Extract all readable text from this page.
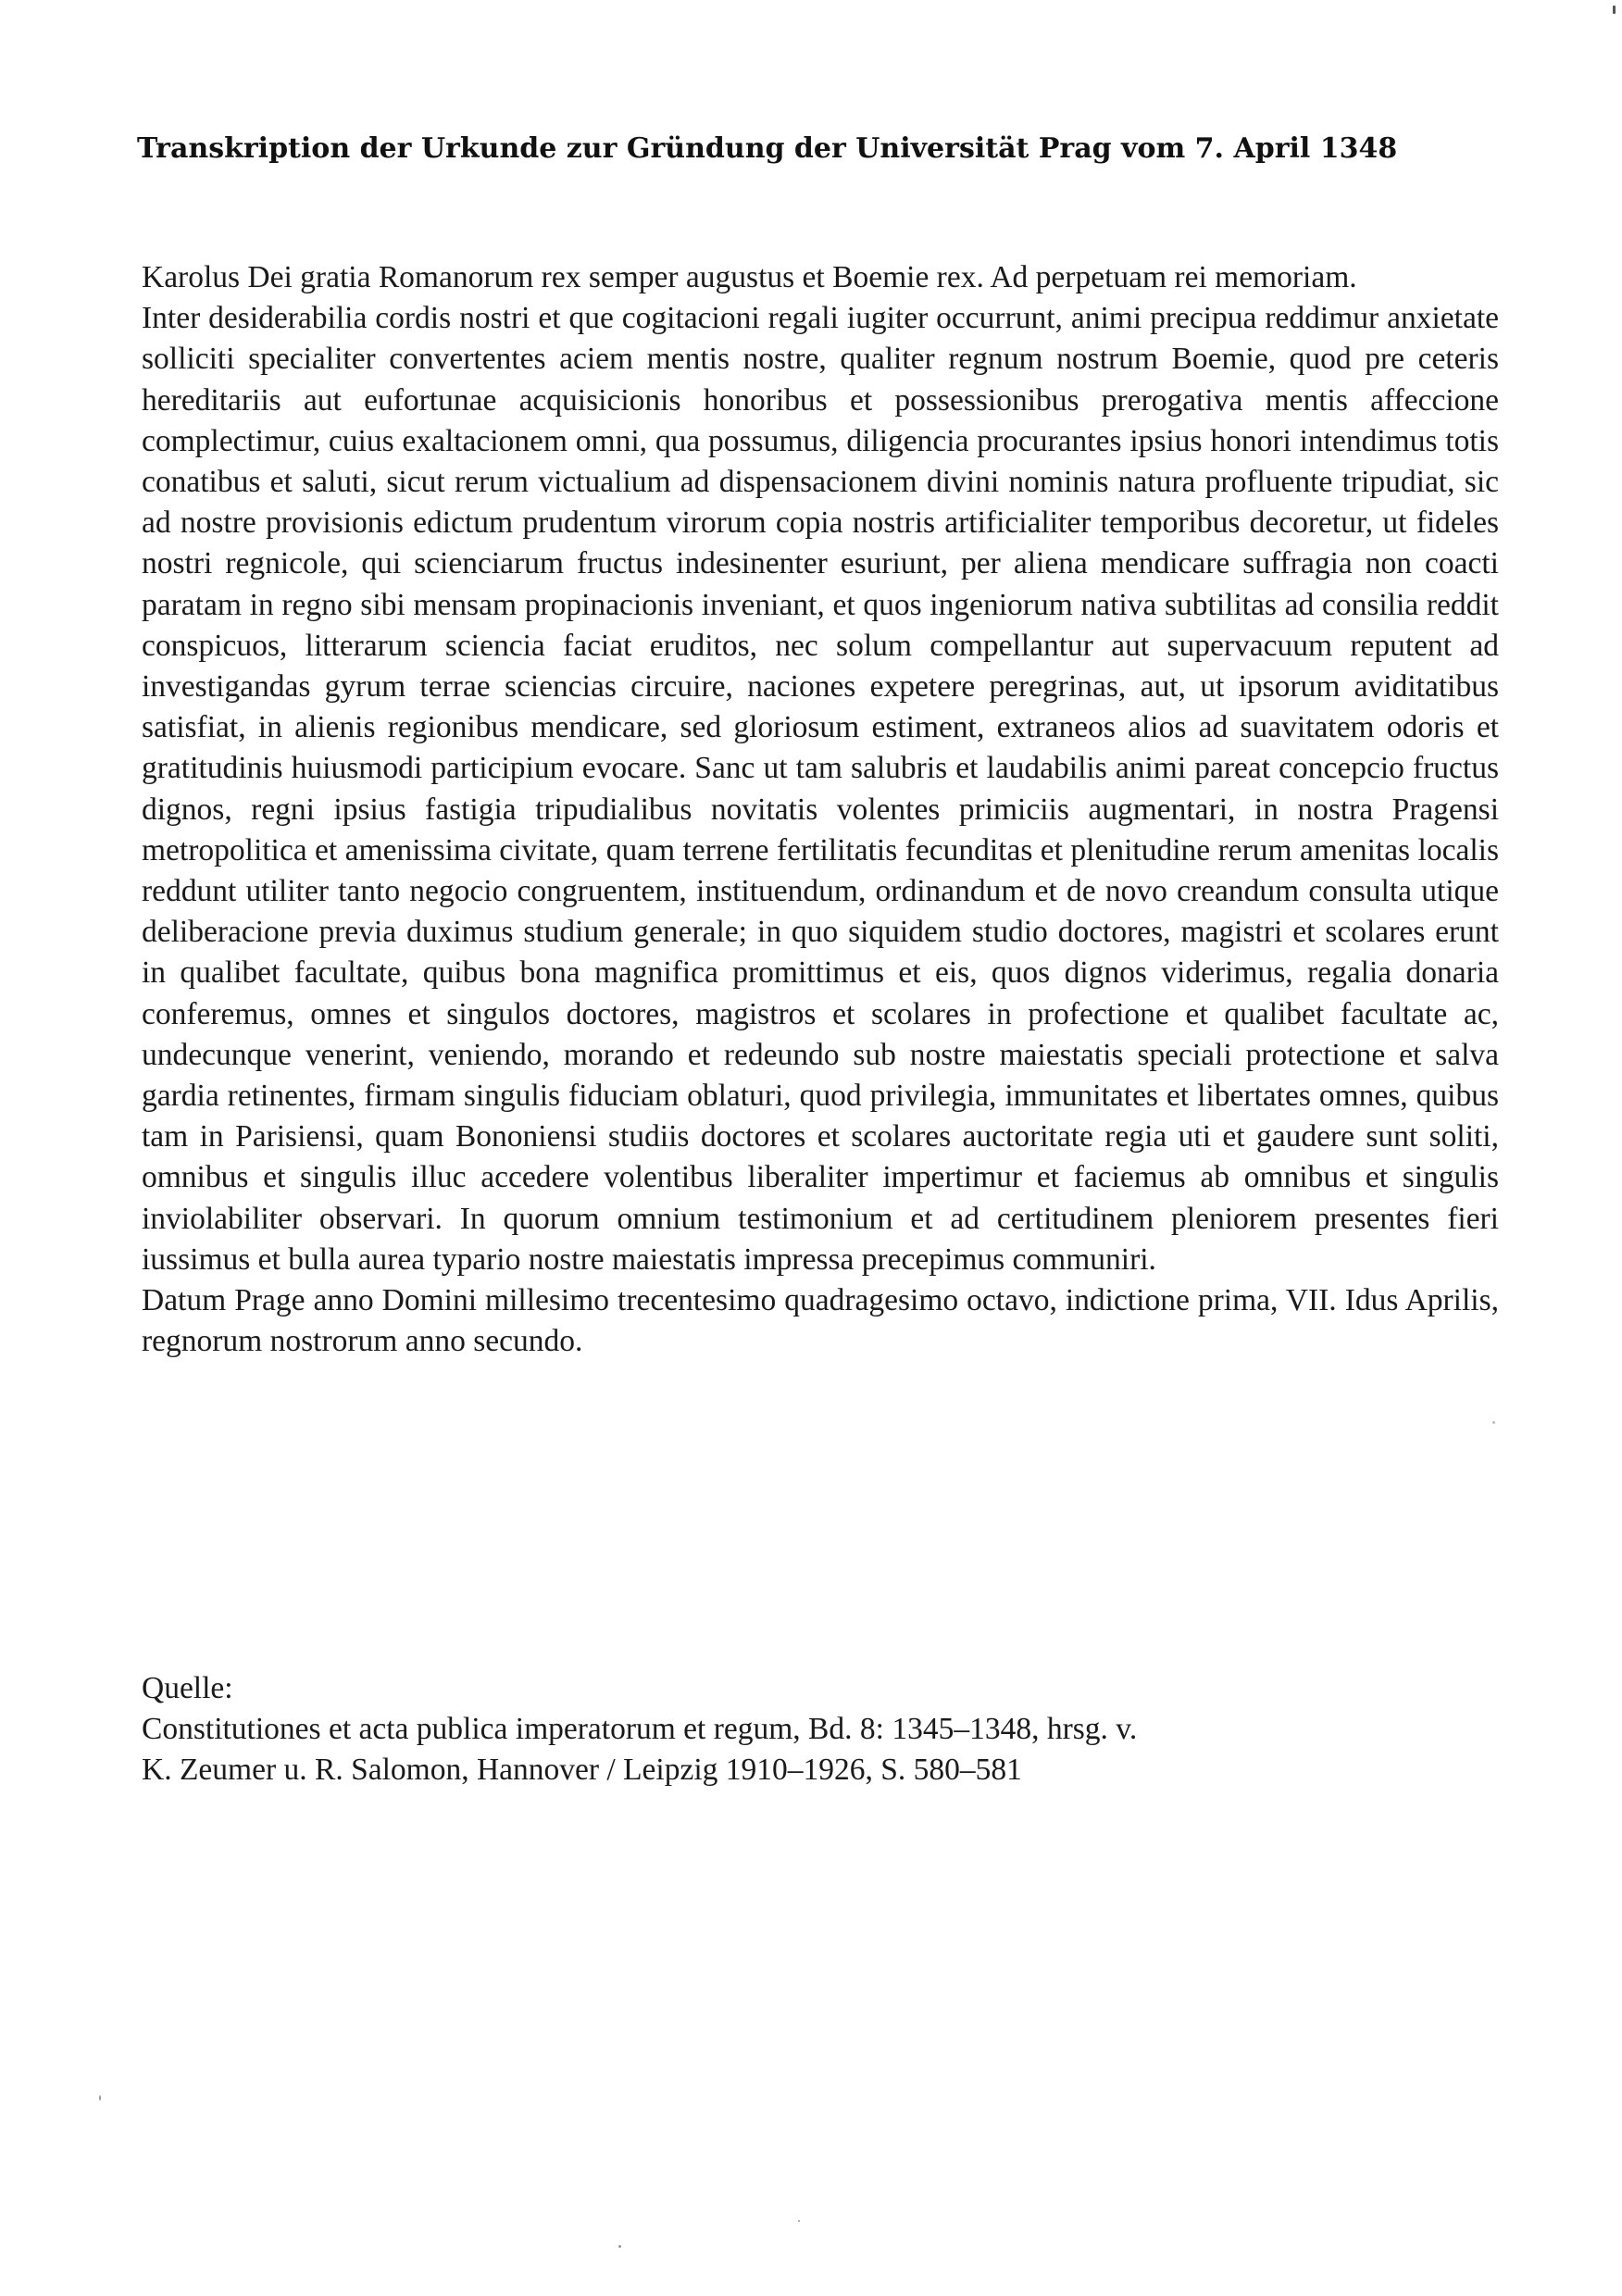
Transkription der Urkunde zur Gründung der Universität Prag vom 7. April 1348

Karolus Dei gratia Romanorum rex semper augustus et Boemie rex. Ad perpetuam rei memoriam.

Inter desiderabilia cordis nostri et que cogitacioni regali iugiter occurrunt, animi precipua reddimur anxietate solliciti specialiter convertentes aciem mentis nostre, qualiter regnum nostrum Boemie, quod pre ceteris hereditariis aut eufortunae acquisicionis honoribus et possessionibus prerogativa mentis affeccione complectimur, cuius exaltacionem omni, qua possumus, diligencia procurantes ipsius honori intendimus totis conatibus et saluti, sicut rerum victualium ad dispensacionem divini nominis natura profluente tripudiat, sic ad nostre provisionis edictum prudentum virorum copia nostris artificialiter temporibus decoretur, ut fideles nostri regnicole, qui scienciarum fructus indesinenter esuriunt, per aliena mendicare suffragia non coacti paratam in regno sibi mensam propinacionis inveniant, et quos ingeniorum nativa subtilitas ad consilia reddit conspicuos, litterarum sciencia faciat eruditos, nec solum compellantur aut supervacuum reputent ad investigandas gyrum terrae sciencias circuire, naciones expetere peregrinas, aut, ut ipsorum aviditatibus satisfiat, in alienis regionibus mendicare, sed gloriosum estiment, extraneos alios ad suavitatem odoris et gratitudinis huiusmodi participium evocare. Sanc ut tam salubris et laudabilis animi pareat concepcio fructus dignos, regni ipsius fastigia tripudialibus novitatis volentes primiciis augmentari, in nostra Pragensi metropolitica et amenissima civitate, quam terrene fertilitatis fecunditas et plenitudine rerum amenitas localis reddunt utiliter tanto negocio congruentem, instituendum, ordinandum et de novo creandum consulta utique deliberacione previa duximus studium generale; in quo siquidem studio doctores, magistri et scolares erunt in qualibet facultate, quibus bona magnifica promittimus et eis, quos dignos viderimus, regalia donaria conferemus, omnes et singulos doctores, magistros et scolares in profectione et qualibet facultate ac, undecunque venerint, veniendo, morando et redeundo sub nostre maiestatis speciali protectione et salva gardia retinentes, firmam singulis fiduciam oblaturi, quod privilegia, immunitates et libertates omnes, quibus tam in Parisiensi, quam Bononiensi studiis doctores et scolares auctoritate regia uti et gaudere sunt soliti, omnibus et singulis illuc accedere volentibus liberaliter impertimur et faciemus ab omnibus et singulis inviolabiliter observari. In quorum omnium testimonium et ad certitudinem pleniorem presentes fieri iussimus et bulla aurea typario nostre maiestatis impressa precepimus communiri.

Datum Prage anno Domini millesimo trecentesimo quadragesimo octavo, indictione prima, VII. Idus Aprilis, regnorum nostrorum anno secundo.

Quelle:

Constitutiones et acta publica imperatorum et regum, Bd. 8: 1345–1348, hrsg. v.

K. Zeumer u. R. Salomon, Hannover / Leipzig 1910–1926, S. 580–581
